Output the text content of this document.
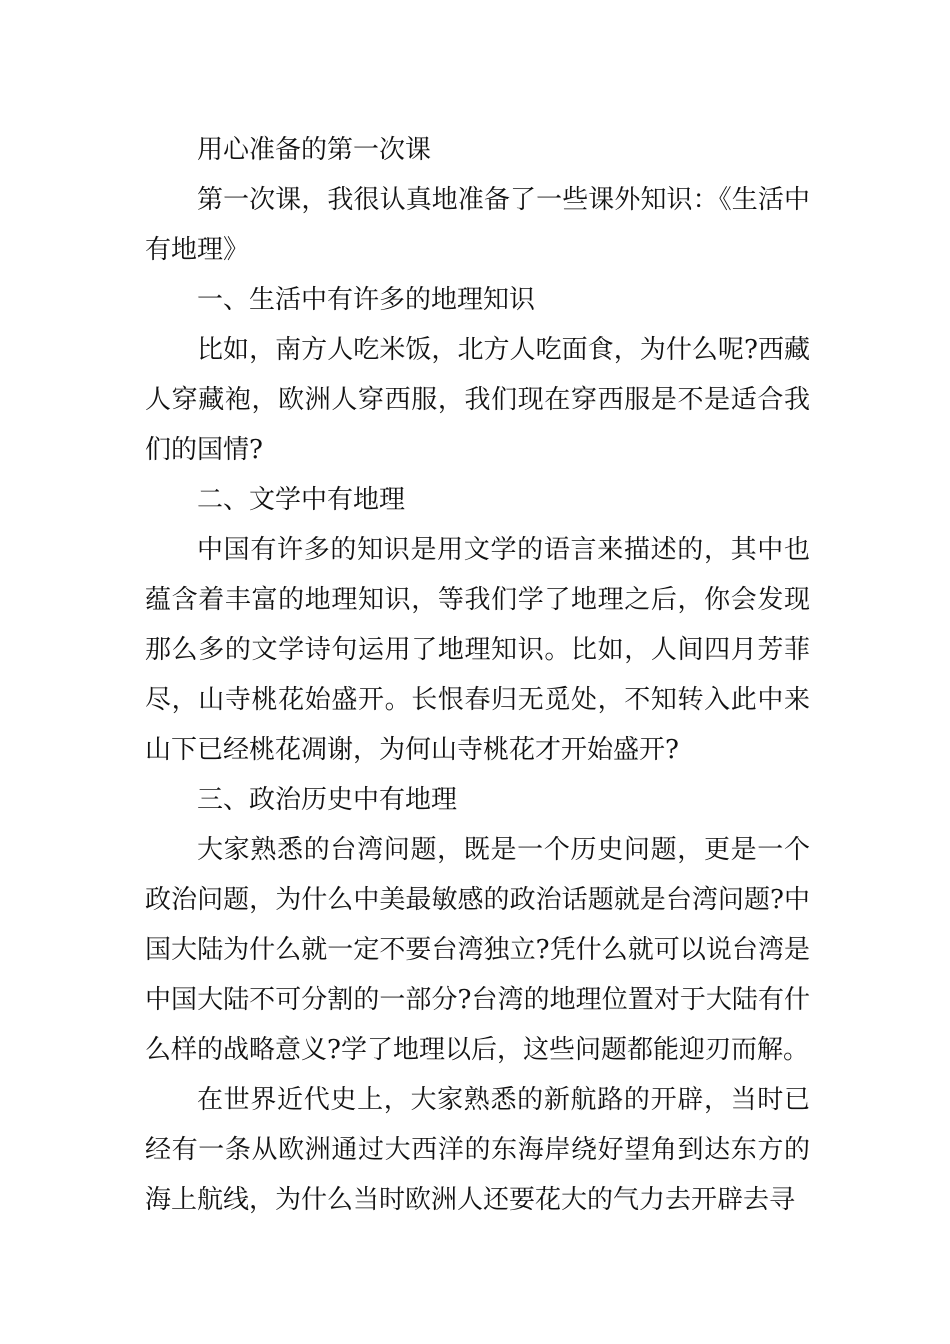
用心准备的第一次课

第一次课，我很认真地准备了一些课外知识：《生活中有地理》

一、生活中有许多的地理知识

比如，南方人吃米饭，北方人吃面食，为什么呢?西藏人穿藏袍，欧洲人穿西服，我们现在穿西服是不是适合我们的国情?

二、文学中有地理

中国有许多的知识是用文学的语言来描述的，其中也蕴含着丰富的地理知识，等我们学了地理之后，你会发现那么多的文学诗句运用了地理知识。比如，人间四月芳菲尽，山寺桃花始盛开。长恨春归无觅处，不知转入此中来山下已经桃花凋谢，为何山寺桃花才开始盛开?

三、政治历史中有地理

大家熟悉的台湾问题，既是一个历史问题，更是一个政治问题，为什么中美最敏感的政治话题就是台湾问题?中国大陆为什么就一定不要台湾独立?凭什么就可以说台湾是中国大陆不可分割的一部分?台湾的地理位置对于大陆有什么样的战略意义?学了地理以后，这些问题都能迎刃而解。

在世界近代史上，大家熟悉的新航路的开辟，当时已经有一条从欧洲通过大西洋的东海岸绕好望角到达东方的海上航线，为什么当时欧洲人还要花大的气力去开辟去寻
